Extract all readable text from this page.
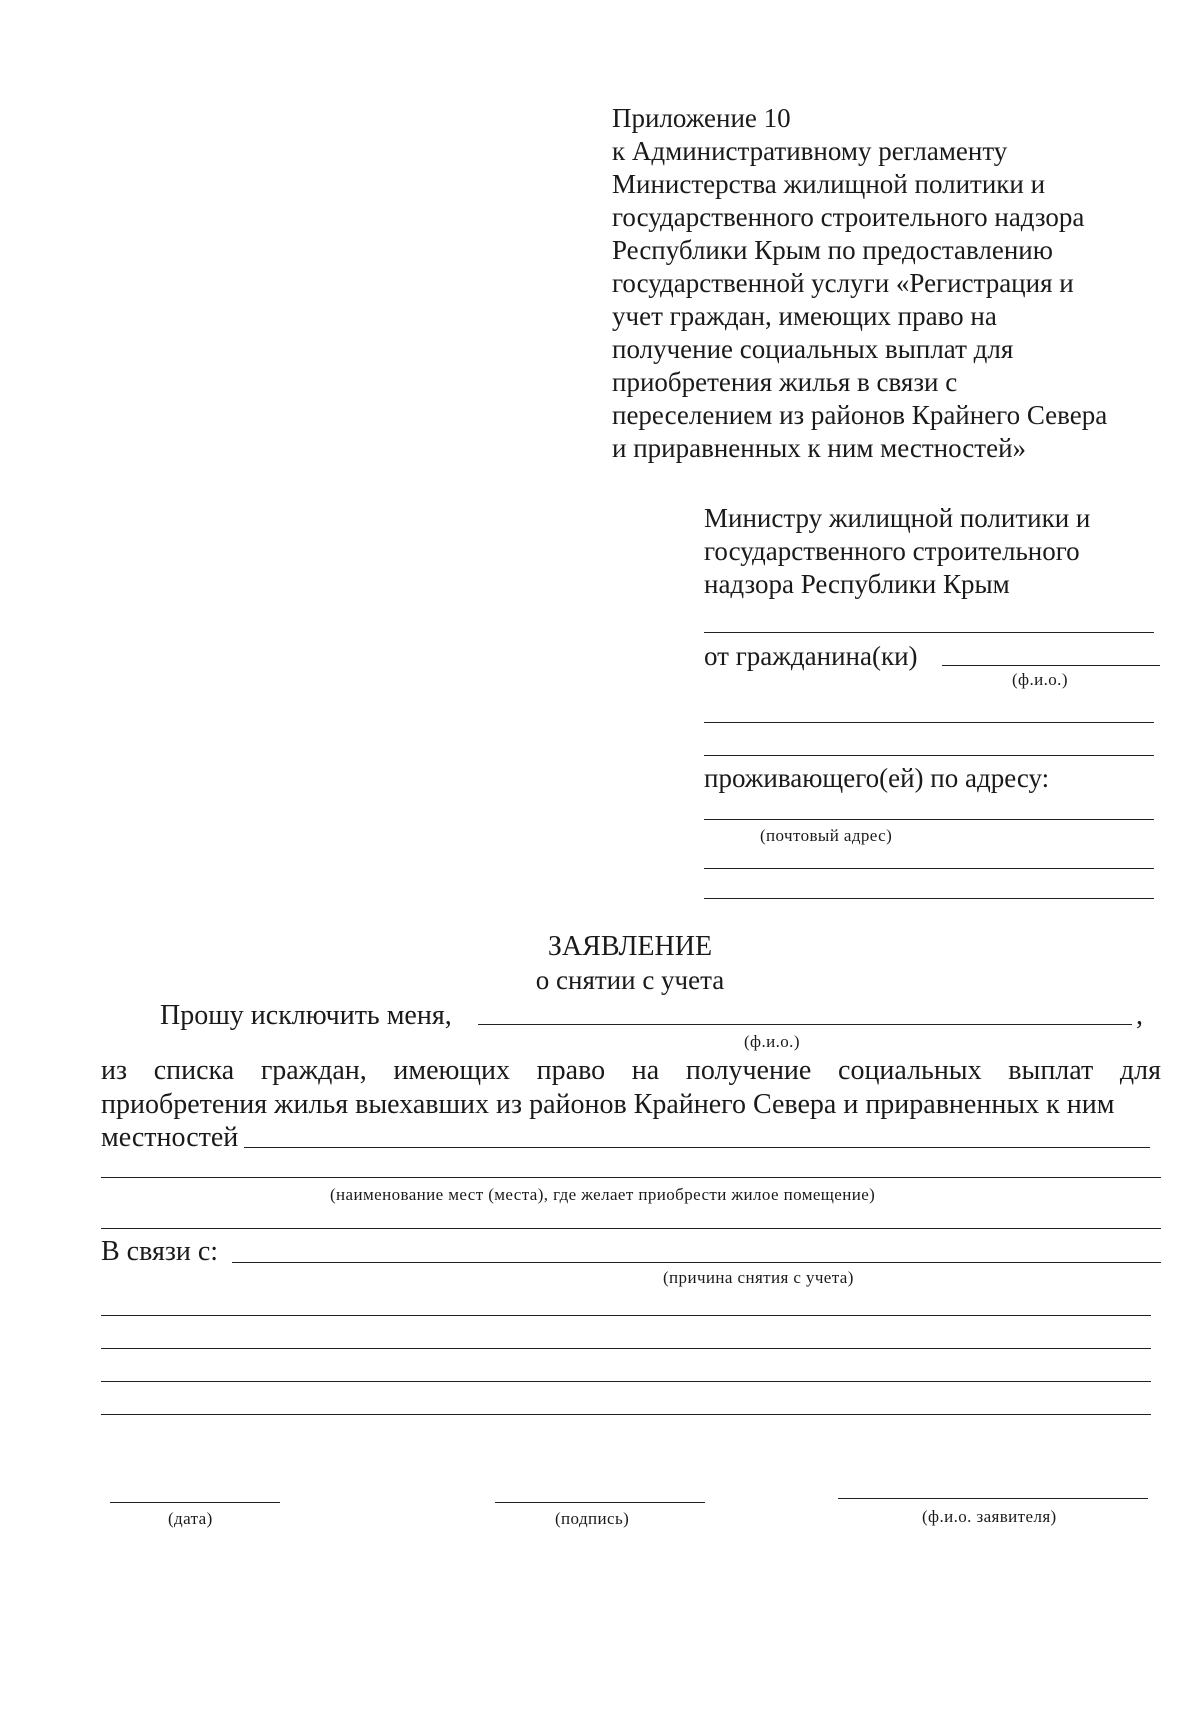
Приложение 10
к Административному регламенту
Министерства жилищной политики и
государственного строительного надзора
Республики Крым по предоставлению
государственной услуги «Регистрация и
учет граждан, имеющих право на
получение социальных выплат для
приобретения жилья в связи с
переселением из районов Крайнего Севера
и приравненных к ним местностей»
Министру жилищной политики и
государственного строительного
надзора Республики Крым
от гражданина(ки)
(ф.и.о.)
проживающего(ей) по адресу:
(почтовый адрес)
ЗАЯВЛЕНИЕ
о снятии с учета
Прошу исключить меня,	,
(ф.и.о.)
из списка граждан, имеющих право на получение социальных выплат для
приобретения жилья выехавших из районов Крайнего Севера и приравненных к ним
местностей
(наименование мест (места), где желает приобрести жилое помещение)
В связи с:
(причина снятия с учета)
(дата)	(подпись)	(ф.и.о. заявителя)
